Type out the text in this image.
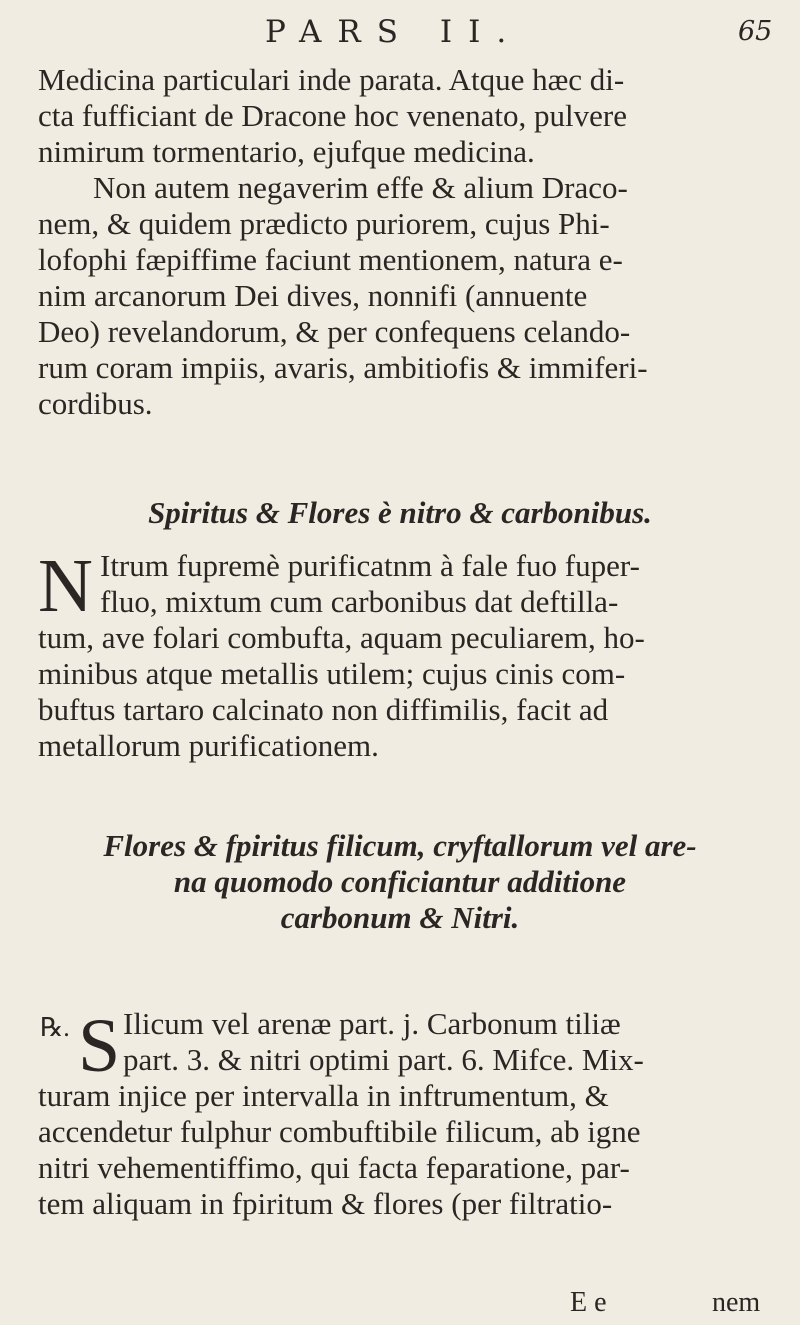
PARS II.	65
Medicina particulari inde parata. Atque hæc di-
cta fufficiant de Dracone hoc venenato, pulvere
nimirum tormentario, ejufque medicina.
Non autem negaverim effe & alium Draco-
nem, & quidem prædicto puriorem, cujus Phi-
lofophi fæpiffime faciunt mentionem, natura e-
nim arcanorum Dei dives, nonnifi (annuente
Deo) revelandorum, & per confequens celando-
rum coram impiis, avaris, ambitiofis & immiferi-
cordibus.
Spiritus & Flores è nitro & carbonibus.
N Itrum fupremè purificatnm à fale fuo fuper-
fluo, mixtum cum carbonibus dat deftilla-
tum, ave folari combufta, aquam peculiarem, ho-
minibus atque metallis utilem; cujus cinis com-
buftus tartaro calcinato non diffimilis, facit ad
metallorum purificationem.
Flores & fpiritus filicum, cryftallorum vel are-
na quomodo conficiantur additione
carbonum & Nitri.
℞. S Ilicum vel arenæ part. j. Carbonum tiliæ
part. 3. & nitri optimi part. 6. Mifce. Mix-
turam injice per intervalla in inftrumentum, &
accendetur fulphur combuftibile filicum, ab igne
nitri vehementiffimo, qui facta feparatione, par-
tem aliquam in fpiritum & flores (per filtratio-
E e	nem
